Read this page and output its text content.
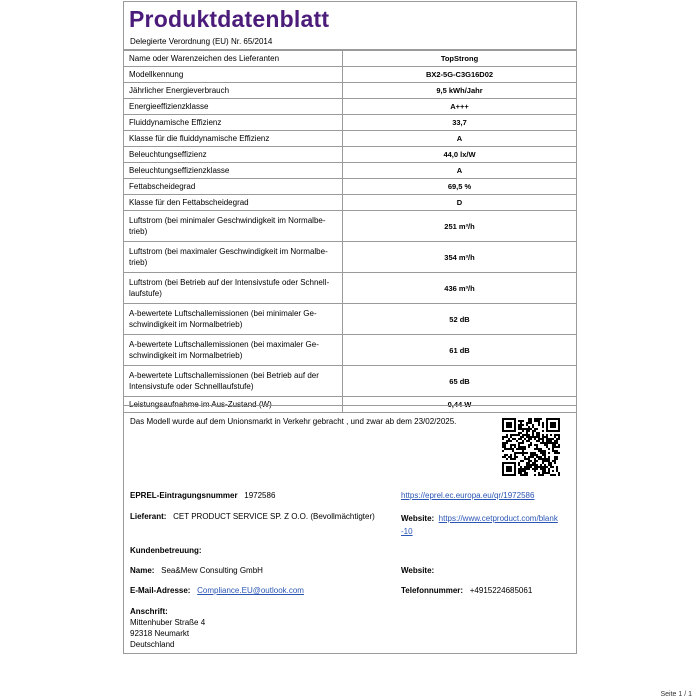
Produktdatenblatt
Delegierte Verordnung (EU) Nr. 65/2014
Name oder Warenzeichen des Lieferanten	TopStrong
Modellkennung	BX2-5G-C3G16D02
Jährlicher Energieverbrauch	9,5 kWh/Jahr
Energieeffizienzklasse	A+++
Fluiddynamische Effizienz	33,7
Klasse für die fluiddynamische Effizienz	A
Beleuchtungseffizienz	44,0 lx/W
Beleuchtungseffizienzklasse	A
Fettabscheidegrad	69,5 %
Klasse für den Fettabscheidegrad	D
Luftstrom (bei minimaler Geschwindigkeit im Normalbe-trieb)	251 m³/h
Luftstrom (bei maximaler Geschwindigkeit im Normalbe-trieb)	354 m³/h
Luftstrom (bei Betrieb auf der Intensivstufe oder Schnell-laufstufe)	436 m³/h
A-bewertete Luftschallemissionen (bei minimaler Ge-schwindigkeit im Normalbetrieb)	52 dB
A-bewertete Luftschallemissionen (bei maximaler Ge-schwindigkeit im Normalbetrieb)	61 dB
A-bewertete Luftschallemissionen (bei Betrieb auf der Intensivstufe oder Schnelllaufstufe)	65 dB
Leistungsaufnahme im Aus-Zustand (W)	0,44 W
Das Modell wurde auf dem Unionsmarkt in Verkehr gebracht , und zwar ab dem 23/02/2025.
EPREL-Eintragungsnummer 1972586	https://eprel.ec.europa.eu/qr/1972586
Lieferant: CET PRODUCT SERVICE SP. Z O.O. (Bevollmächtigter)	Website: https://www.cetproduct.com/blank
-10
Kundenbetreuung:
Name: Sea&Mew Consulting GmbH	Website:
E-Mail-Adresse: Compliance.EU@outlook.com	Telefonnummer: +4915224685061
Anschrift:
Mittenhuber Straße 4
92318 Neumarkt
Deutschland
Seite 1 / 1
